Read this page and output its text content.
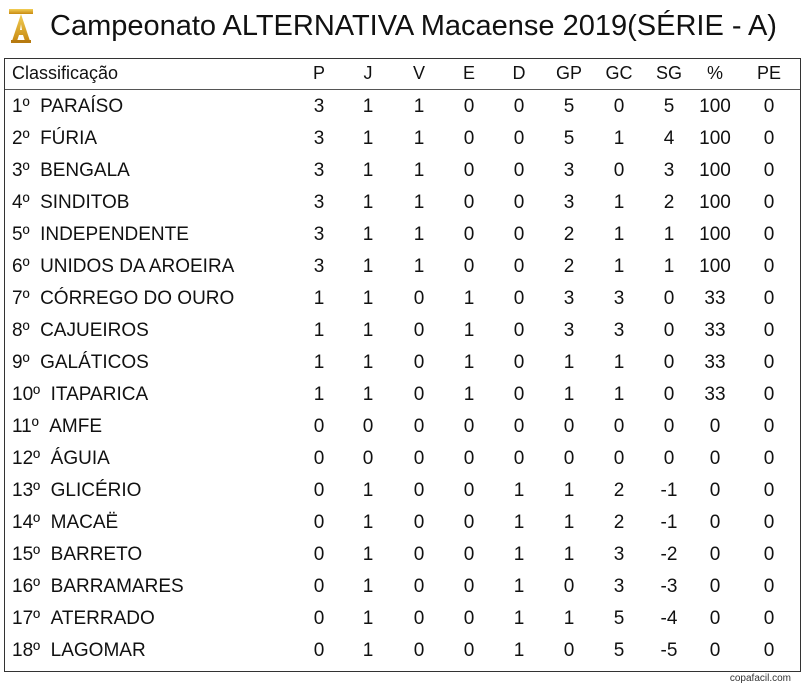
Campeonato ALTERNATIVA Macaense 2019(SÉRIE - A)
Classificação	P	J	V	E	D	GP	GC	SG	%	PE
1º PARAÍSO	3	1	1	0	0	5	0	5	100	0
2º FÚRIA	3	1	1	0	0	5	1	4	100	0
3º BENGALA	3	1	1	0	0	3	0	3	100	0
4º SINDITOB	3	1	1	0	0	3	1	2	100	0
5º INDEPENDENTE	3	1	1	0	0	2	1	1	100	0
6º UNIDOS DA AROEIRA	3	1	1	0	0	2	1	1	100	0
7º CÓRREGO DO OURO	1	1	0	1	0	3	3	0	33	0
8º CAJUEIROS	1	1	0	1	0	3	3	0	33	0
9º GALÁTICOS	1	1	0	1	0	1	1	0	33	0
10º ITAPARICA	1	1	0	1	0	1	1	0	33	0
11º AMFE	0	0	0	0	0	0	0	0	0	0
12º ÁGUIA	0	0	0	0	0	0	0	0	0	0
13º GLICÉRIO	0	1	0	0	1	1	2	-1	0	0
14º MACAË	0	1	0	0	1	1	2	-1	0	0
15º BARRETO	0	1	0	0	1	1	3	-2	0	0
16º BARRAMARES	0	1	0	0	1	0	3	-3	0	0
17º ATERRADO	0	1	0	0	1	1	5	-4	0	0
18º LAGOMAR	0	1	0	0	1	0	5	-5	0	0
copafacil.com
